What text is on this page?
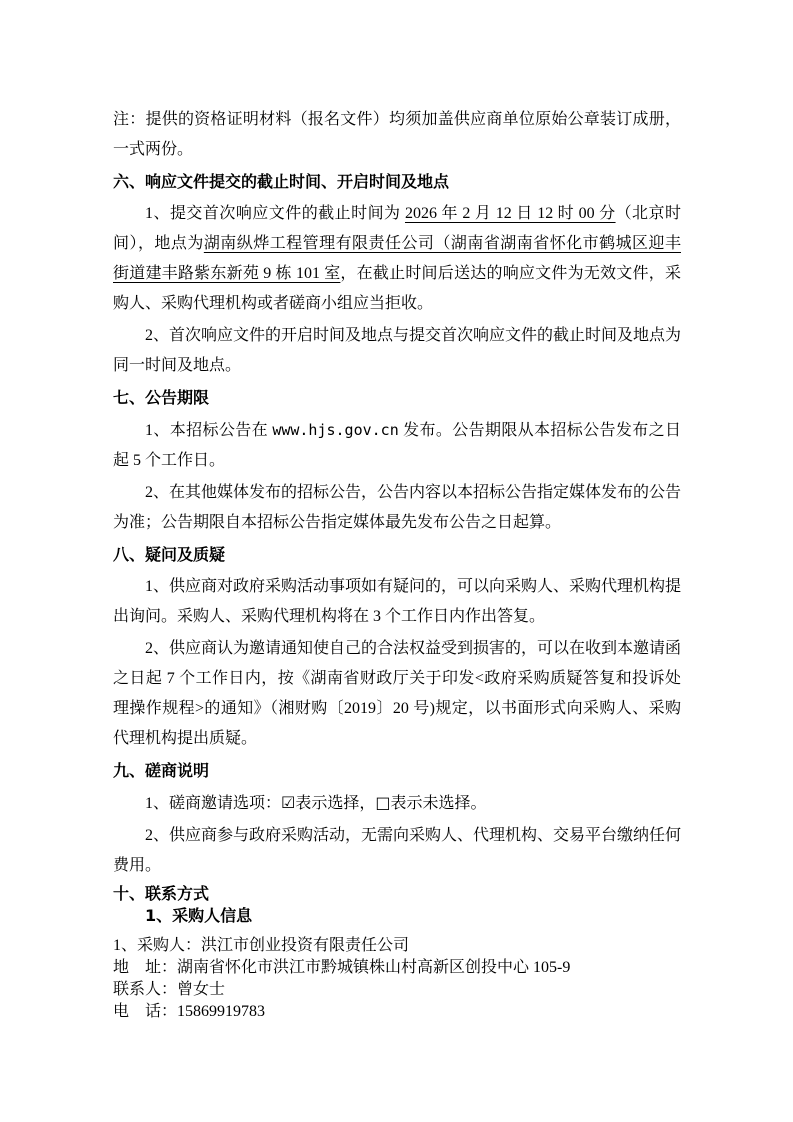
注：提供的资格证明材料（报名文件）均须加盖供应商单位原始公章装订成册，一式两份。

六、响应文件提交的截止时间、开启时间及地点

1、提交首次响应文件的截止时间为 2026 年 2 月 12 日 12 时 00 分（北京时间），地点为湖南纵烨工程管理有限责任公司（湖南省湖南省怀化市鹤城区迎丰街道建丰路紫东新苑 9 栋 101 室，在截止时间后送达的响应文件为无效文件，采购人、采购代理机构或者磋商小组应当拒收。

2、首次响应文件的开启时间及地点与提交首次响应文件的截止时间及地点为同一时间及地点。

七、公告期限

1、本招标公告在 www.hjs.gov.cn 发布。公告期限从本招标公告发布之日起 5 个工作日。

2、在其他媒体发布的招标公告，公告内容以本招标公告指定媒体发布的公告为准；公告期限自本招标公告指定媒体最先发布公告之日起算。

八、疑问及质疑

1、供应商对政府采购活动事项如有疑问的，可以向采购人、采购代理机构提出询问。采购人、采购代理机构将在 3 个工作日内作出答复。

2、供应商认为邀请通知使自己的合法权益受到损害的，可以在收到本邀请函之日起 7 个工作日内，按《湖南省财政厅关于印发<政府采购质疑答复和投诉处理操作规程>的通知》（湘财购〔2019〕20 号)规定，以书面形式向采购人、采购代理机构提出质疑。

九、磋商说明

1、磋商邀请选项：☑表示选择，□表示未选择。

2、供应商参与政府采购活动，无需向采购人、代理机构、交易平台缴纳任何费用。

十、联系方式

1、采购人信息

1、采购人：洪江市创业投资有限责任公司

地　址：湖南省怀化市洪江市黔城镇株山村高新区创投中心 105-9

联系人：曾女士

电　话：15869919783
